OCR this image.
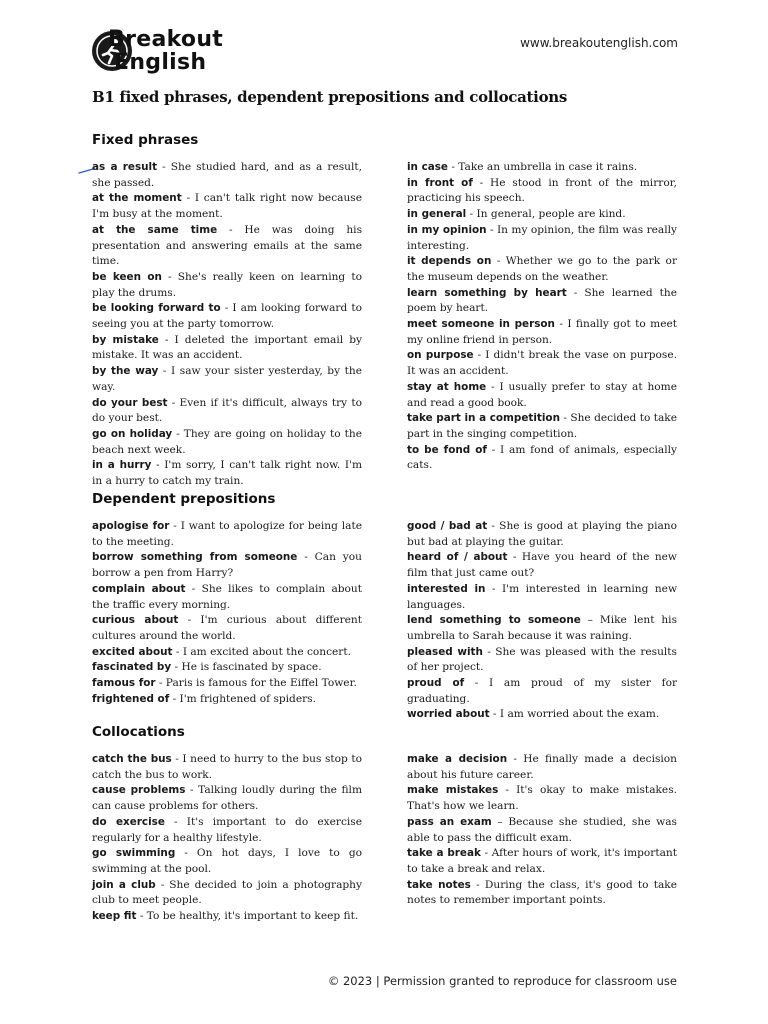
Breakout
English
www.breakoutenglish.com
B1 fixed phrases, dependent prepositions and collocations
Fixed phrases
as a result - She studied hard, and as a result, she passed.
at the moment - I can't talk right now because I'm busy at the moment.
at the same time - He was doing his presentation and answering emails at the same time.
be keen on - She's really keen on learning to play the drums.
be looking forward to - I am looking forward to seeing you at the party tomorrow.
by mistake - I deleted the important email by mistake. It was an accident.
by the way - I saw your sister yesterday, by the way.
do your best - Even if it's difficult, always try to do your best.
go on holiday - They are going on holiday to the beach next week.
in a hurry - I'm sorry, I can't talk right now. I'm in a hurry to catch my train.
in case - Take an umbrella in case it rains.
in front of - He stood in front of the mirror, practicing his speech.
in general - In general, people are kind.
in my opinion - In my opinion, the film was really interesting.
it depends on - Whether we go to the park or the museum depends on the weather.
learn something by heart - She learned the poem by heart.
meet someone in person - I finally got to meet my online friend in person.
on purpose - I didn't break the vase on purpose. It was an accident.
stay at home - I usually prefer to stay at home and read a good book.
take part in a competition - She decided to take part in the singing competition.
to be fond of - I am fond of animals, especially cats.
Dependent prepositions
apologise for - I want to apologize for being late to the meeting.
borrow something from someone - Can you borrow a pen from Harry?
complain about - She likes to complain about the traffic every morning.
curious about - I'm curious about different cultures around the world.
excited about - I am excited about the concert.
fascinated by - He is fascinated by space.
famous for - Paris is famous for the Eiffel Tower.
frightened of - I'm frightened of spiders.
good / bad at - She is good at playing the piano but bad at playing the guitar.
heard of / about - Have you heard of the new film that just came out?
interested in - I'm interested in learning new languages.
lend something to someone – Mike lent his umbrella to Sarah because it was raining.
pleased with - She was pleased with the results of her project.
proud of - I am proud of my sister for graduating.
worried about - I am worried about the exam.
Collocations
catch the bus - I need to hurry to the bus stop to catch the bus to work.
cause problems - Talking loudly during the film can cause problems for others.
do exercise - It's important to do exercise regularly for a healthy lifestyle.
go swimming - On hot days, I love to go swimming at the pool.
join a club - She decided to join a photography club to meet people.
keep fit - To be healthy, it's important to keep fit.
make a decision - He finally made a decision about his future career.
make mistakes - It's okay to make mistakes. That's how we learn.
pass an exam – Because she studied, she was able to pass the difficult exam.
take a break - After hours of work, it's important to take a break and relax.
take notes - During the class, it's good to take notes to remember important points.
© 2023 | Permission granted to reproduce for classroom use
